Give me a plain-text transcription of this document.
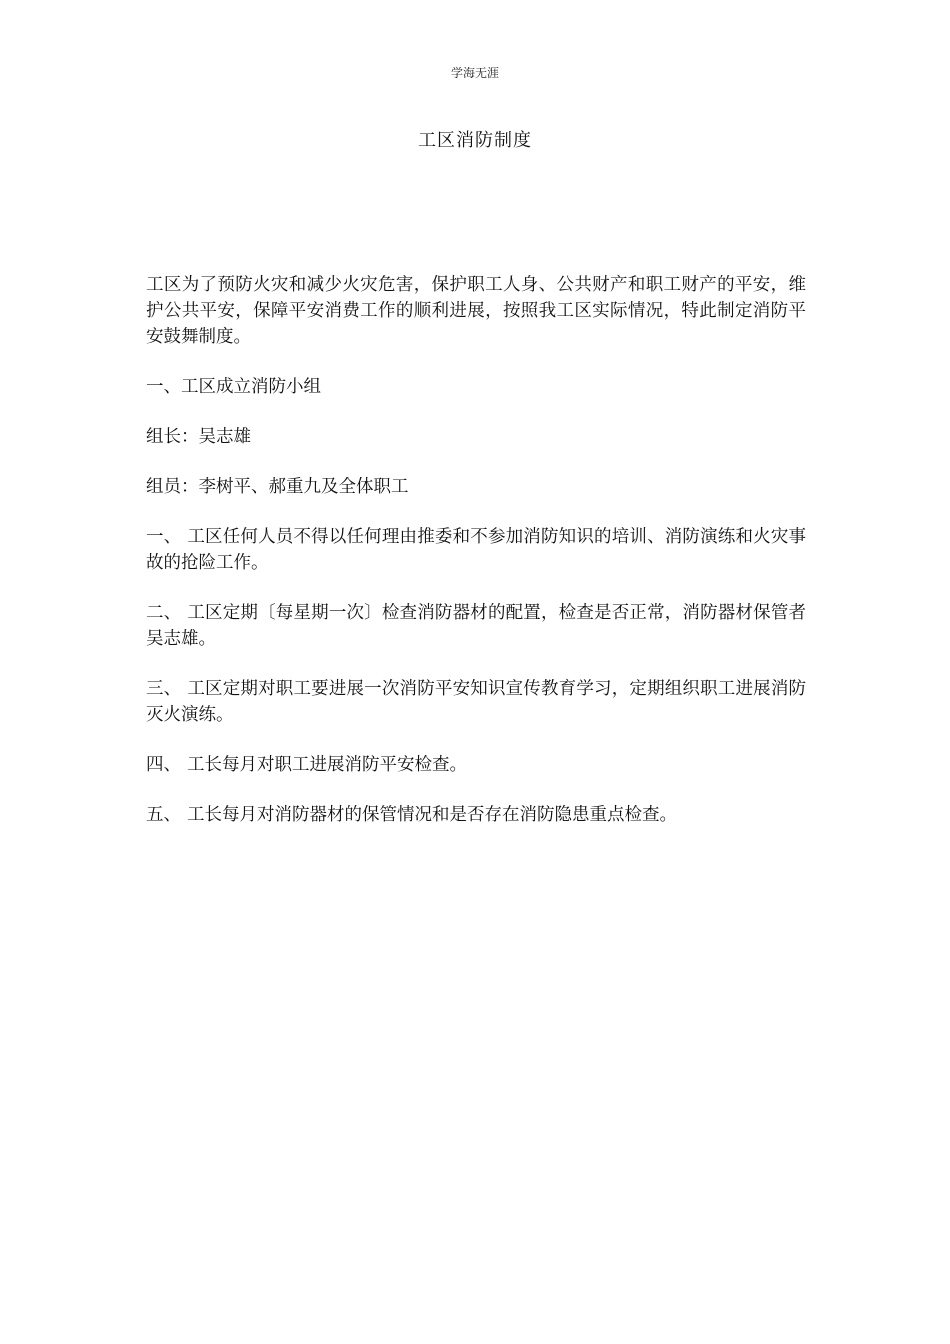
学海无涯
工区消防制度

工区为了预防火灾和减少火灾危害，保护职工人身、公共财产和职工财产的平安，维护公共平安，保障平安消费工作的顺利进展，按照我工区实际情况，特此制定消防平安鼓舞制度。

一、工区成立消防小组

组长：吴志雄

组员：李树平、郝重九及全体职工

一、 工区任何人员不得以任何理由推委和不参加消防知识的培训、消防演练和火灾事故的抢险工作。

二、 工区定期〔每星期一次〕检查消防器材的配置，检查是否正常，消防器材保管者吴志雄。

三、 工区定期对职工要进展一次消防平安知识宣传教育学习，定期组织职工进展消防灭火演练。

四、 工长每月对职工进展消防平安检查。

五、 工长每月对消防器材的保管情况和是否存在消防隐患重点检查。
